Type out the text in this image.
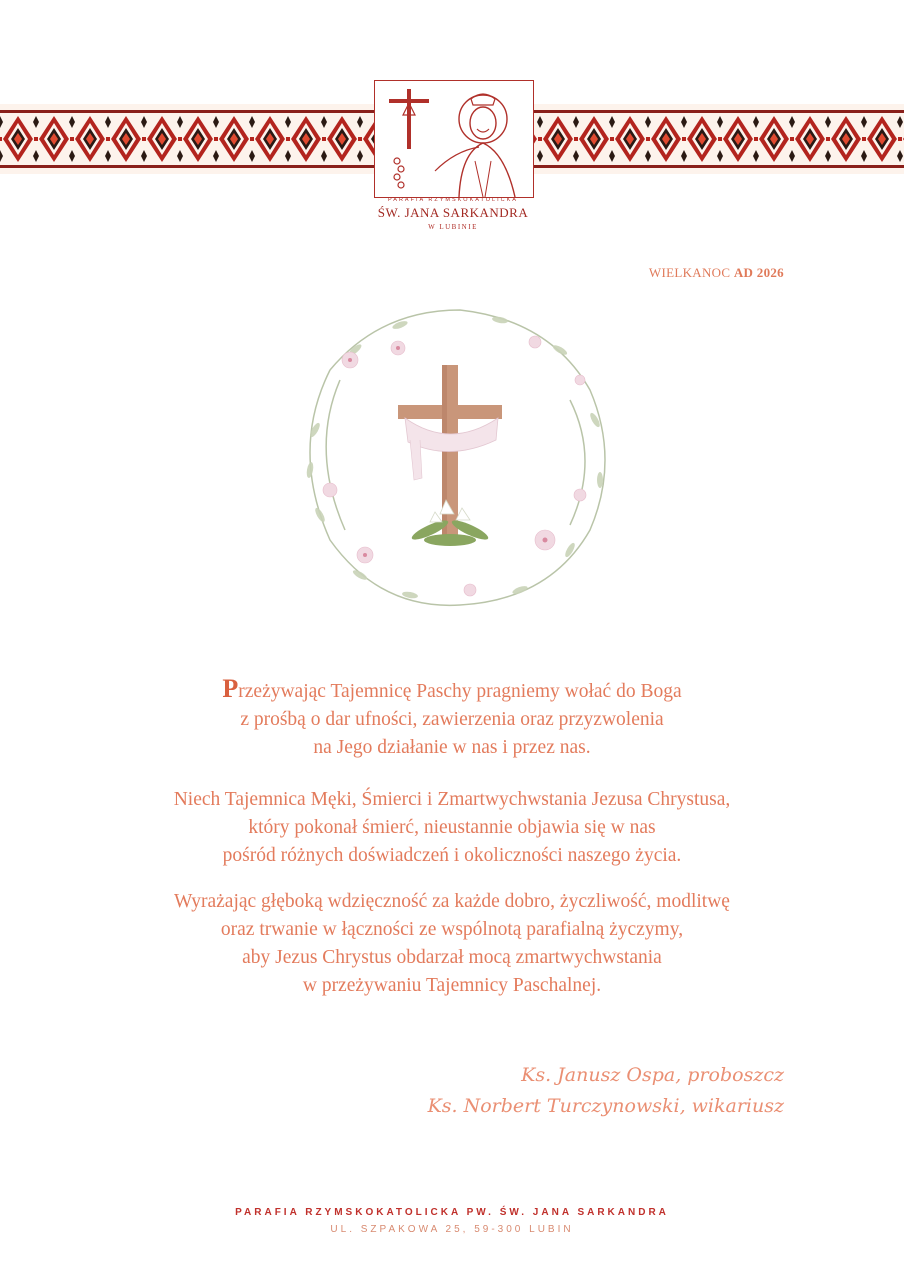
PARAFIA RZYMSKOKATOLICKA
ŚW. JANA SARKANDRA
W LUBINIE
WIELKANOC AD 2026
Przeżywając Tajemnicę Paschy pragniemy wołać do Boga
z prośbą o dar ufności, zawierzenia oraz przyzwolenia
na Jego działanie w nas i przez nas.
Niech Tajemnica Męki, Śmierci i Zmartwychwstania Jezusa Chrystusa,
który pokonał śmierć, nieustannie objawia się w nas
pośród różnych doświadczeń i okoliczności naszego życia.
Wyrażając głęboką wdzięczność za każde dobro, życzliwość, modlitwę
oraz trwanie w łączności ze wspólnotą parafialną życzymy,
aby Jezus Chrystus obdarzał mocą zmartwychwstania
w przeżywaniu Tajemnicy Paschalnej.
Ks. Janusz Ospa, proboszcz
Ks. Norbert Turczynowski, wikariusz
PARAFIA RZYMSKOKATOLICKA PW. ŚW. JANA SARKANDRA
UL. SZPAKOWA 25, 59-300 LUBIN
